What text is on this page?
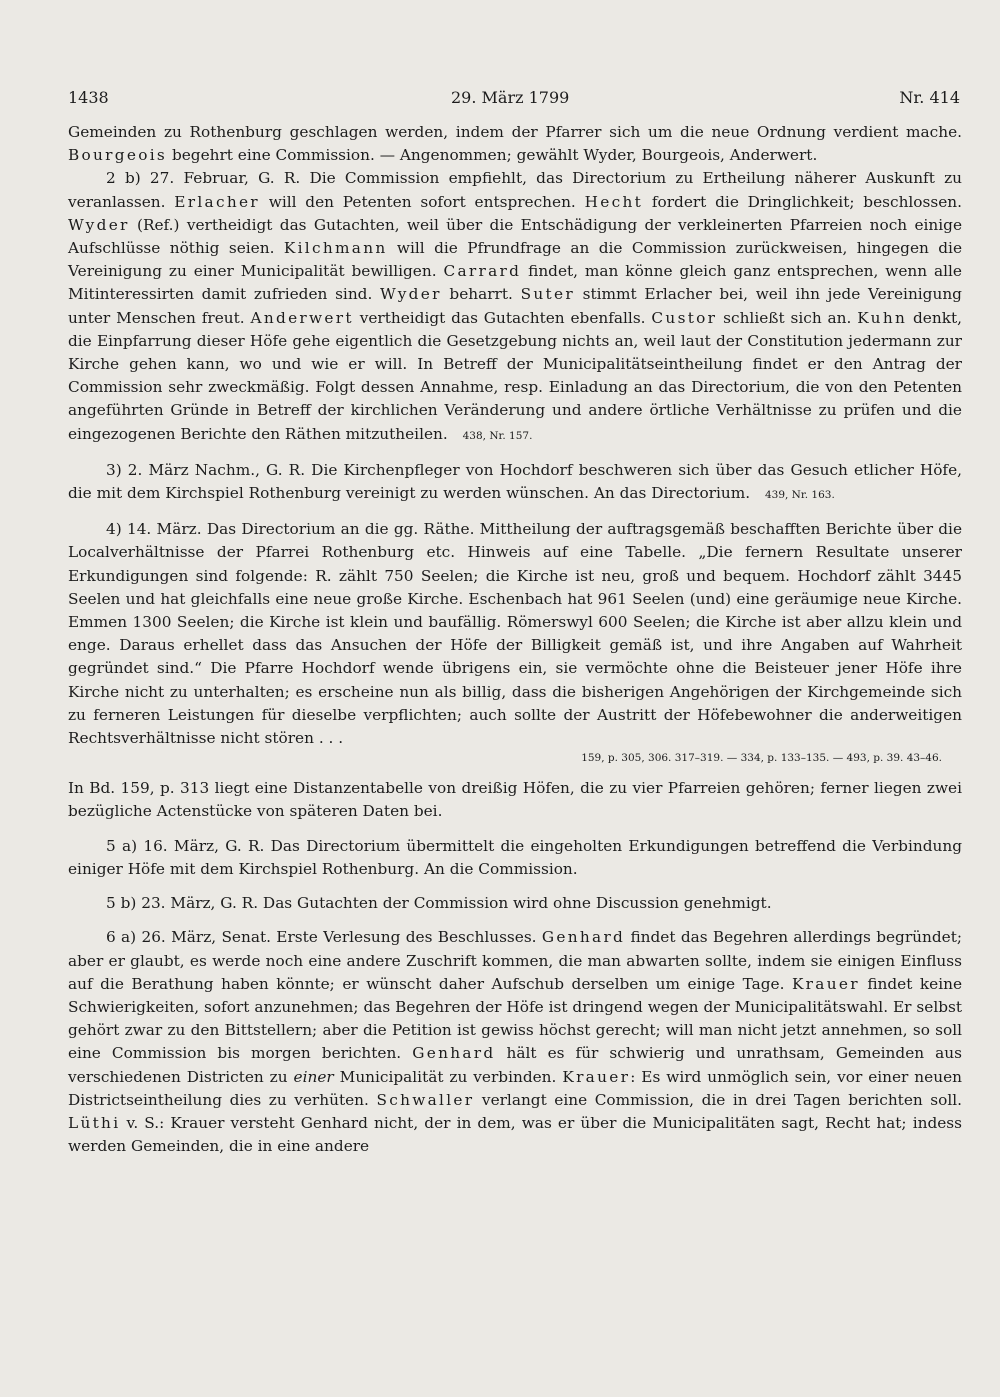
1438	29. März 1799	Nr. 414

Gemeinden zu Rothenburg geschlagen werden, indem der Pfarrer sich um die neue Ordnung verdient mache. Bourgeois begehrt eine Commission. — Angenommen; gewählt Wyder, Bourgeois, Anderwert.

2 b) 27. Februar, G. R. Die Commission empfiehlt, das Directorium zu Ertheilung näherer Auskunft zu veranlassen. Erlacher will den Petenten sofort entsprechen. Hecht fordert die Dringlichkeit; beschlossen. Wyder (Ref.) vertheidigt das Gutachten, weil über die Entschädigung der verkleinerten Pfarreien noch einige Aufschlüsse nöthig seien. Kilchmann will die Pfrundfrage an die Commission zurückweisen, hingegen die Vereinigung zu einer Municipalität bewilligen. Carrard findet, man könne gleich ganz entsprechen, wenn alle Mitinteressirten damit zufrieden sind. Wyder beharrt. Suter stimmt Erlacher bei, weil ihn jede Vereinigung unter Menschen freut. Anderwert vertheidigt das Gutachten ebenfalls. Custor schließt sich an. Kuhn denkt, die Einpfarrung dieser Höfe gehe eigentlich die Gesetzgebung nichts an, weil laut der Constitution jedermann zur Kirche gehen kann, wo und wie er will. In Betreff der Municipalitätseintheilung findet er den Antrag der Commission sehr zweckmäßig. Folgt dessen Annahme, resp. Einladung an das Directorium, die von den Petenten angeführten Gründe in Betreff der kirchlichen Veränderung und andere örtliche Verhältnisse zu prüfen und die eingezogenen Berichte den Räthen mitzutheilen. 438, Nr. 157.

3) 2. März Nachm., G. R. Die Kirchenpfleger von Hochdorf beschweren sich über das Gesuch etlicher Höfe, die mit dem Kirchspiel Rothenburg vereinigt zu werden wünschen. An das Directorium. 439, Nr. 163.

4) 14. März. Das Directorium an die gg. Räthe. Mittheilung der auftragsgemäß beschafften Berichte über die Localverhältnisse der Pfarrei Rothenburg etc. Hinweis auf eine Tabelle. „Die fernern Resultate unserer Erkundigungen sind folgende: R. zählt 750 Seelen; die Kirche ist neu, groß und bequem. Hochdorf zählt 3445 Seelen und hat gleichfalls eine neue große Kirche. Eschenbach hat 961 Seelen (und) eine geräumige neue Kirche. Emmen 1300 Seelen; die Kirche ist klein und baufällig. Römerswyl 600 Seelen; die Kirche ist aber allzu klein und enge. Daraus erhellet dass das Ansuchen der Höfe der Billigkeit gemäß ist, und ihre Angaben auf Wahrheit gegründet sind.“ Die Pfarre Hochdorf wende übrigens ein, sie vermöchte ohne die Beisteuer jener Höfe ihre Kirche nicht zu unterhalten; es erscheine nun als billig, dass die bisherigen Angehörigen der Kirchgemeinde sich zu ferneren Leistungen für dieselbe verpflichten; auch sollte der Austritt der Höfebewohner die anderweitigen Rechtsverhältnisse nicht stören . . .

159, p. 305, 306. 317–319. — 334, p. 133–135. — 493, p. 39. 43–46.

In Bd. 159, p. 313 liegt eine Distanzentabelle von dreißig Höfen, die zu vier Pfarreien gehören; ferner liegen zwei bezügliche Actenstücke von späteren Daten bei.

5 a) 16. März, G. R. Das Directorium übermittelt die eingeholten Erkundigungen betreffend die Verbindung einiger Höfe mit dem Kirchspiel Rothenburg. An die Commission.

5 b) 23. März, G. R. Das Gutachten der Commission wird ohne Discussion genehmigt.

6 a) 26. März, Senat. Erste Verlesung des Beschlusses. Genhard findet das Begehren allerdings begründet; aber er glaubt, es werde noch eine andere Zuschrift kommen, die man abwarten sollte, indem sie einigen Einfluss auf die Berathung haben könnte; er wünscht daher Aufschub derselben um einige Tage. Krauer findet keine Schwierigkeiten, sofort anzunehmen; das Begehren der Höfe ist dringend wegen der Municipalitätswahl. Er selbst gehört zwar zu den Bittstellern; aber die Petition ist gewiss höchst gerecht; will man nicht jetzt annehmen, so soll eine Commission bis morgen berichten. Genhard hält es für schwierig und unrathsam, Gemeinden aus verschiedenen Districten zu einer Municipalität zu verbinden. Krauer: Es wird unmöglich sein, vor einer neuen Districtseintheilung dies zu verhüten. Schwaller verlangt eine Commission, die in drei Tagen berichten soll. Lüthi v. S.: Krauer versteht Genhard nicht, der in dem, was er über die Municipalitäten sagt, Recht hat; indess werden Gemeinden, die in eine andere
